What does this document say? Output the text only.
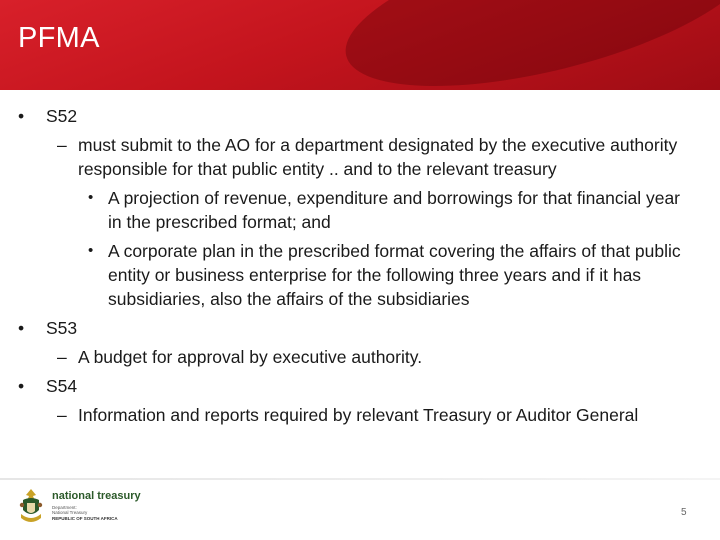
PFMA
• S52
– must submit to the AO for a department designated by the executive authority responsible for that public entity .. and to the relevant treasury
• A projection of revenue, expenditure and borrowings for that financial year in the prescribed format; and
• A corporate plan in the prescribed format covering the affairs of that public entity or business enterprise for the following three years and if it has subsidiaries, also the affairs of the subsidiaries
• S53
– A budget for approval by executive authority.
• S54
– Information and reports required by relevant Treasury or Auditor General
national treasury
Department:
National Treasury
REPUBLIC OF SOUTH AFRICA
5
